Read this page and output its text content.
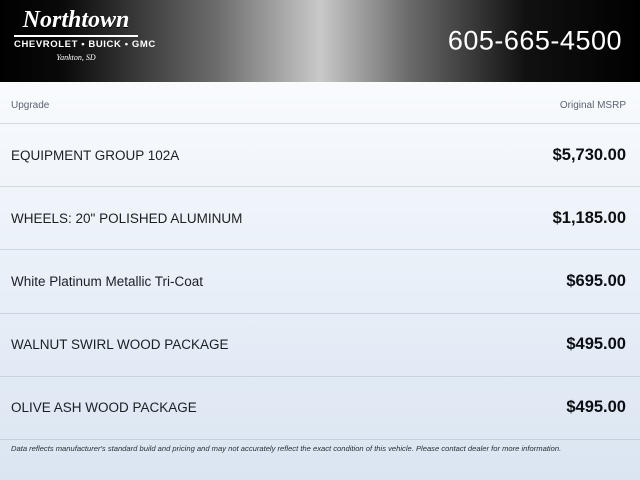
Northtown
CHEVROLET • BUICK • GMC
Yankton, SD
605-665-4500
Upgrade	Original MSRP
EQUIPMENT GROUP 102A	$5,730.00
WHEELS: 20" POLISHED ALUMINUM	$1,185.00
White Platinum Metallic Tri-Coat	$695.00
WALNUT SWIRL WOOD PACKAGE	$495.00
OLIVE ASH WOOD PACKAGE	$495.00
Data reflects manufacturer's standard build and pricing and may not accurately reflect the exact condition of this vehicle. Please contact dealer for more information.
